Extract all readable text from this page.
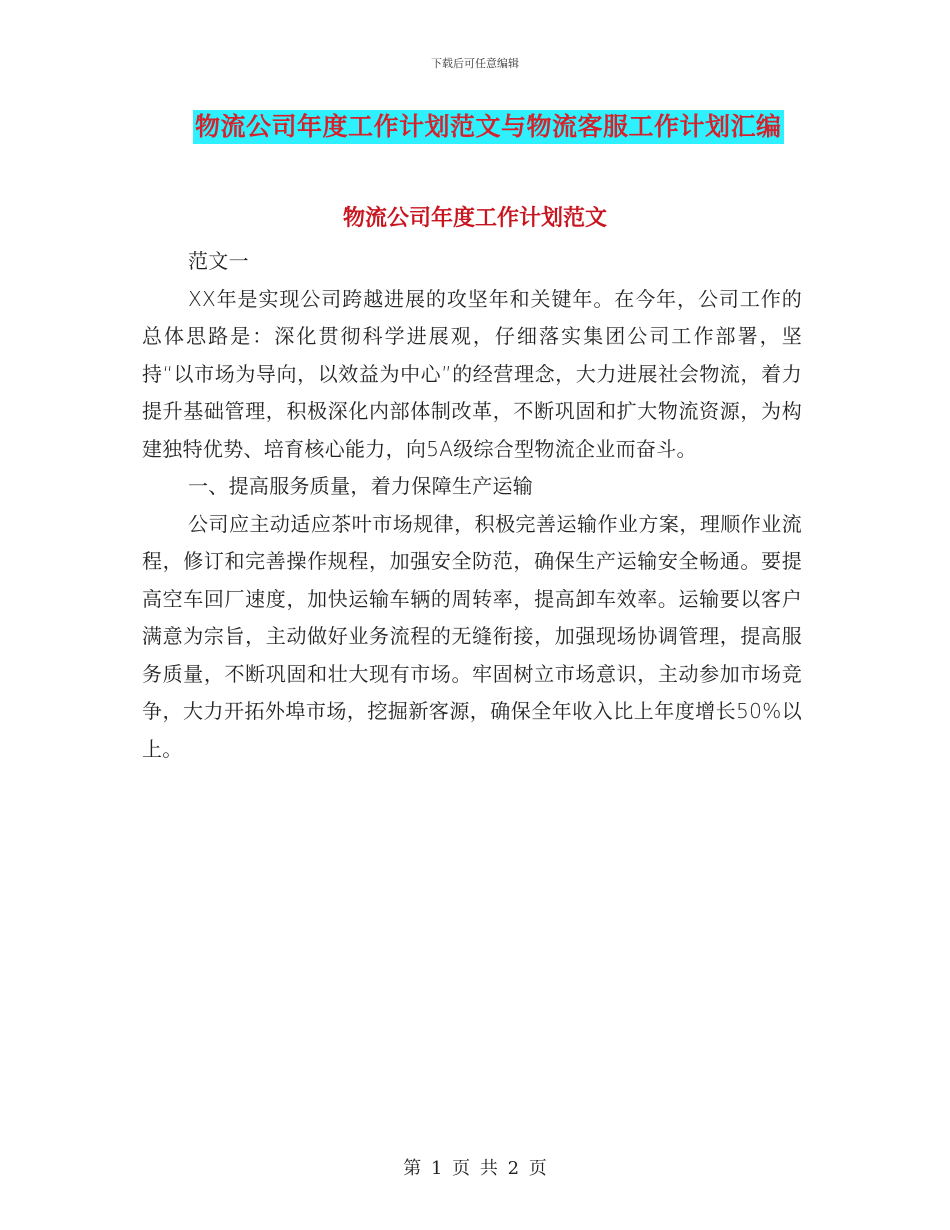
下载后可任意编辑
物流公司年度工作计划范文与物流客服工作计划汇编
物流公司年度工作计划范文

范文一

XX年是实现公司跨越进展的攻坚年和关键年。在今年，公司工作的总体思路是：深化贯彻科学进展观，仔细落实集团公司工作部署，坚持“以市场为导向，以效益为中心”的经营理念，大力进展社会物流，着力提升基础管理，积极深化内部体制改革，不断巩固和扩大物流资源，为构建独特优势、培育核心能力，向5A级综合型物流企业而奋斗。

一、提高服务质量，着力保障生产运输

公司应主动适应茶叶市场规律，积极完善运输作业方案，理顺作业流程，修订和完善操作规程，加强安全防范，确保生产运输安全畅通。要提高空车回厂速度，加快运输车辆的周转率，提高卸车效率。运输要以客户满意为宗旨，主动做好业务流程的无缝衔接，加强现场协调管理，提高服务质量，不断巩固和壮大现有市场。牢固树立市场意识，主动参加市场竞争，大力开拓外埠市场，挖掘新客源，确保全年收入比上年度增长50%以上。

第 1 页 共 2 页
